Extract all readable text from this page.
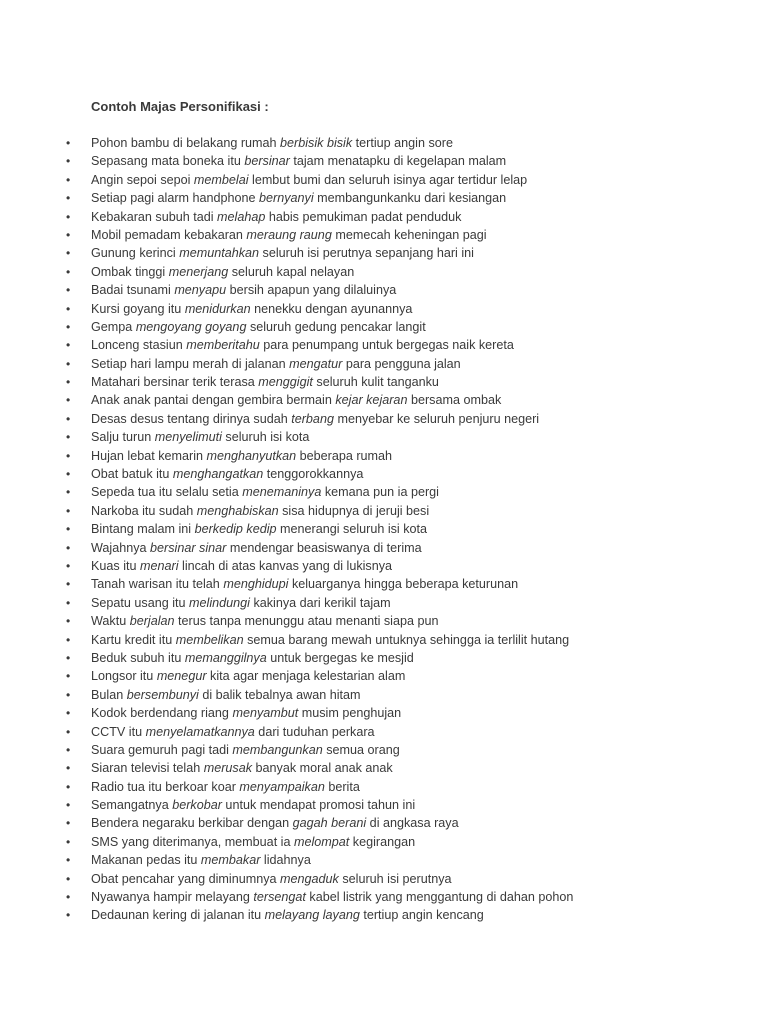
Contoh Majas Personifikasi :
• Pohon bambu di belakang rumah berbisik bisik tertiup angin sore
• Sepasang mata boneka itu bersinar tajam menatapku di kegelapan malam
• Angin sepoi sepoi membelai lembut bumi dan seluruh isinya agar tertidur lelap
• Setiap pagi alarm handphone bernyanyi membangunkanku dari kesiangan
• Kebakaran subuh tadi melahap habis pemukiman padat penduduk
• Mobil pemadam kebakaran meraung raung memecah keheningan pagi
• Gunung kerinci memuntahkan seluruh isi perutnya sepanjang hari ini
• Ombak tinggi menerjang seluruh kapal nelayan
• Badai tsunami menyapu bersih apapun yang dilaluinya
• Kursi goyang itu menidurkan nenekku dengan ayunannya
• Gempa mengoyang goyang seluruh gedung pencakar langit
• Lonceng stasiun memberitahu para penumpang untuk bergegas naik kereta
• Setiap hari lampu merah di jalanan mengatur para pengguna jalan
• Matahari bersinar terik terasa menggigit seluruh kulit tanganku
• Anak anak pantai dengan gembira bermain kejar kejaran bersama ombak
• Desas desus tentang dirinya sudah terbang menyebar ke seluruh penjuru negeri
• Salju turun menyelimuti seluruh isi kota
• Hujan lebat kemarin menghanyutkan beberapa rumah
• Obat batuk itu menghangatkan tenggorokkannya
• Sepeda tua itu selalu setia menemaninya kemana pun ia pergi
• Narkoba itu sudah menghabiskan sisa hidupnya di jeruji besi
• Bintang malam ini berkedip kedip menerangi seluruh isi kota
• Wajahnya bersinar sinar mendengar beasiswanya di terima
• Kuas itu menari lincah di atas kanvas yang di lukisnya
• Tanah warisan itu telah menghidupi keluarganya hingga beberapa keturunan
• Sepatu usang itu melindungi kakinya dari kerikil tajam
• Waktu berjalan terus tanpa menunggu atau menanti siapa pun
• Kartu kredit itu membelikan semua barang mewah untuknya sehingga ia terlilit hutang
• Beduk subuh itu memanggilnya untuk bergegas ke mesjid
• Longsor itu menegur kita agar menjaga kelestarian alam
• Bulan bersembunyi di balik tebalnya awan hitam
• Kodok berdendang riang menyambut musim penghujan
• CCTV itu menyelamatkannya dari tuduhan perkara
• Suara gemuruh pagi tadi membangunkan semua orang
• Siaran televisi telah merusak banyak moral anak anak
• Radio tua itu berkoar koar menyampaikan berita
• Semangatnya berkobar untuk mendapat promosi tahun ini
• Bendera negaraku berkibar dengan gagah berani di angkasa raya
• SMS yang diterimanya, membuat ia melompat kegirangan
• Makanan pedas itu membakar lidahnya
• Obat pencahar yang diminumnya mengaduk seluruh isi perutnya
• Nyawanya hampir melayang tersengat kabel listrik yang menggantung di dahan pohon
• Dedaunan kering di jalanan itu melayang layang tertiup angin kencang
